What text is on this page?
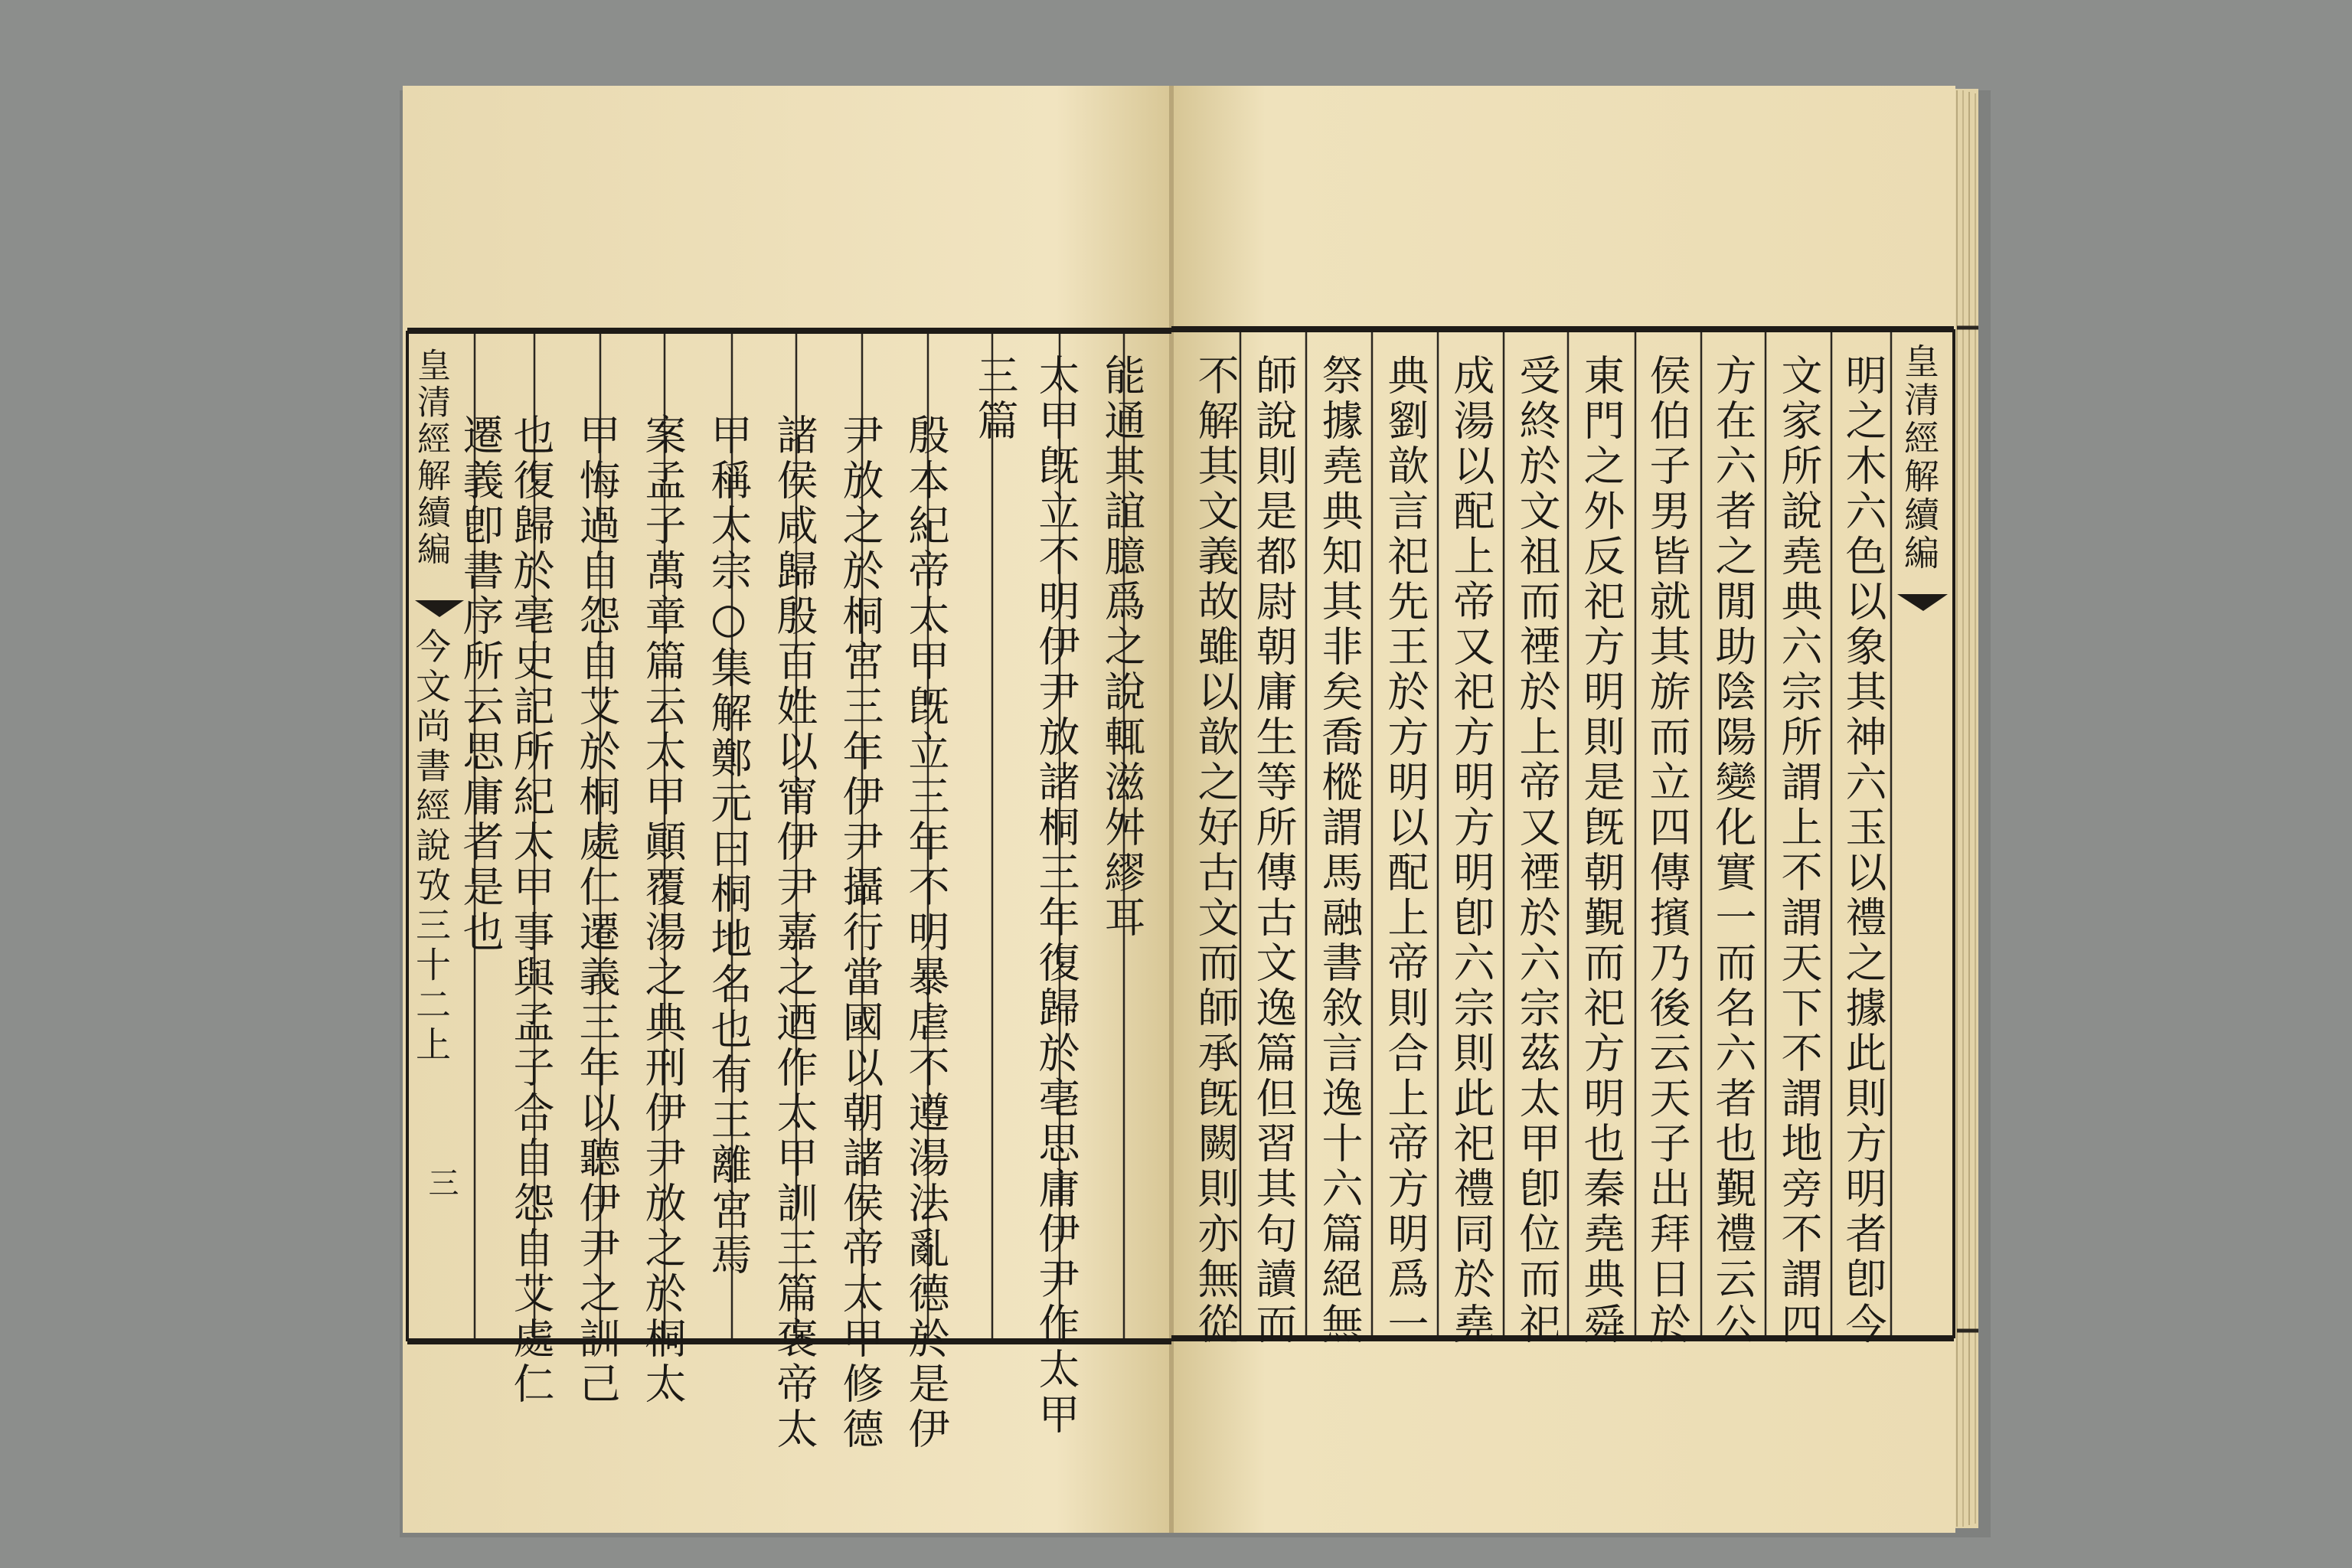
皇清經解續編
今文尚書經說攷三十二上
三
能通其誼臆爲之說輒滋舛繆耳
太甲旣立不明伊尹放諸桐三年復歸於亳思庸伊尹作太甲
三篇
殷本紀帝太甲旣立三年不明暴虐不遵湯法亂德於是伊
尹放之於桐宮三年伊尹攝行當國以朝諸侯帝太甲修德
諸侯咸歸殷百姓以甯伊尹嘉之迺作太甲訓三篇褒帝太
甲稱太宗○集解鄭元曰桐地名也有王離宮焉
案孟子萬章篇云太甲顚覆湯之典刑伊尹放之於桐太
甲悔過自怨自艾於桐處仁遷義三年以聽伊尹之訓己
也復歸於亳史記所紀太甲事與孟子合自怨自艾處仁
遷義卽書序所云思庸者是也	皇清經解續編
明之木六色以象其神六玉以禮之據此則方明者卽今
文家所說堯典六宗所謂上不謂天下不謂地旁不謂四
方在六者之閒助陰陽變化實一而名六者也覲禮云公
侯伯子男皆就其旂而立四傳擯乃後云天子出拜日於
東門之外反祀方明則是旣朝覲而祀方明也秦堯典舜
受終於文祖而禋於上帝又禋於六宗茲太甲卽位而祀
成湯以配上帝又祀方明方明卽六宗則此祀禮同於堯
典劉歆言祀先王於方明以配上帝則合上帝方明爲一
祭據堯典知其非矣喬樅謂馬融書敘言逸十六篇絕無
師說則是都尉朝庸生等所傳古文逸篇但習其句讀而
不解其文義故雖以歆之好古文而師承旣闕則亦無從
